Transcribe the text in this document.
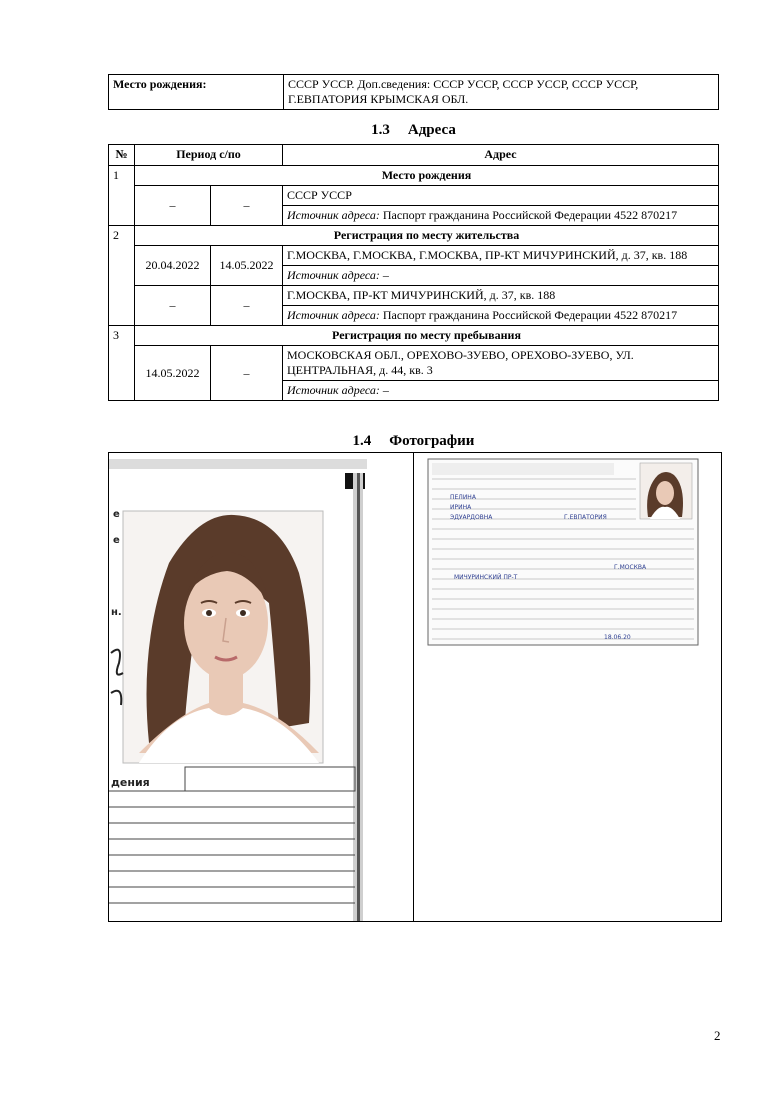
Место рождения:	СССР УССР. Доп.сведения: СССР УССР, СССР УССР, СССР УССР, Г.ЕВПАТОРИЯ КРЫМСКАЯ ОБЛ.
1.3 Адреса
№	Период с/по		Адрес
1	Место рождения		
	–	–	СССР УССР
			Источник адреса: Паспорт гражданина Российской Федерации 4522 870217
2	Регистрация по месту жительства		
	20.04.2022	14.05.2022	Г.МОСКВА, Г.МОСКВА, Г.МОСКВА, ПР-КТ МИЧУРИНСКИЙ, д. 37, кв. 188
			Источник адреса: –
	–	–	Г.МОСКВА, ПР-КТ МИЧУРИНСКИЙ, д. 37, кв. 188
			Источник адреса: Паспорт гражданина Российской Федерации 4522 870217
3	Регистрация по месту пребывания		
	14.05.2022	–	МОСКОВСКАЯ ОБЛ., ОРЕХОВО-ЗУЕВО, ОРЕХОВО-ЗУЕВО, УЛ. ЦЕНТРАЛЬНАЯ, д. 44, кв. 3
			Источник адреса: –
1.4 Фотографии
е
е
н.
дения

ПЕЛИНА
ИРИНА
ЭДУАРДОВНА	Г.ЕВПАТОРИЯ
Г.МОСКВА
МИЧУРИНСКИЙ ПР-Т
18.06.20
2
